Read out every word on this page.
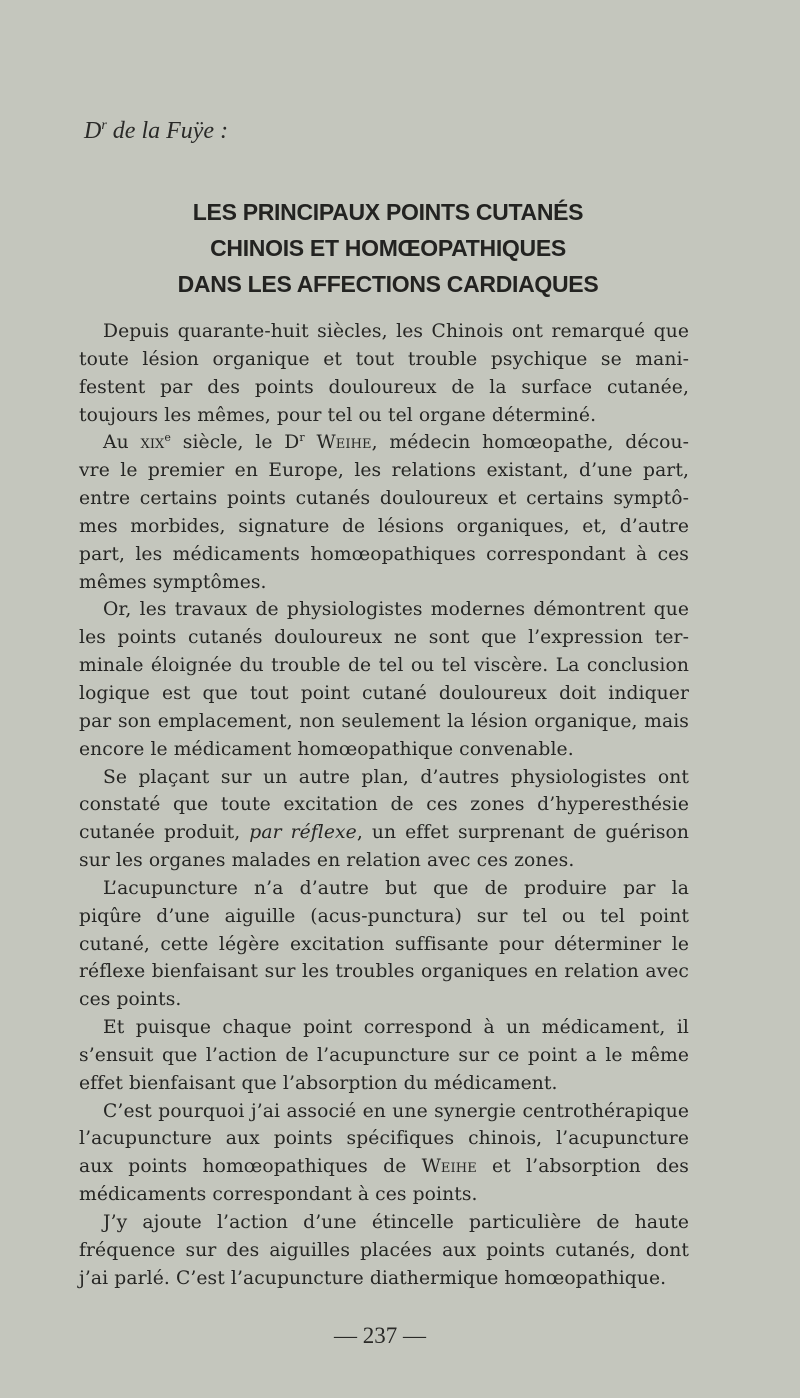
$D^r$ de la Fuÿe :
LES PRINCIPAUX POINTS CUTANÉS
CHINOIS ET HOMŒOPATHIQUES
DANS LES AFFECTIONS CARDIAQUES
Depuis quarante-huit siècles, les Chinois ont remarqué que
toute lésion organique et tout trouble psychique se mani-
festent par des points douloureux de la surface cutanée,
toujours les mêmes, pour tel ou tel organe déterminé.
Au xix$^e$ siècle, le $D^r$ Weihe, médecin homœopathe, décou-
vre le premier en Europe, les relations existant, d’une part,
entre certains points cutanés douloureux et certains symptô-
mes morbides, signature de lésions organiques, et, d’autre
part, les médicaments homœopathiques correspondant à ces
mêmes symptômes.
Or, les travaux de physiologistes modernes démontrent que
les points cutanés douloureux ne sont que l’expression ter-
minale éloignée du trouble de tel ou tel viscère. La conclusion
logique est que tout point cutané douloureux doit indiquer
par son emplacement, non seulement la lésion organique, mais
encore le médicament homœopathique convenable.
Se plaçant sur un autre plan, d’autres physiologistes ont
constaté que toute excitation de ces zones d’hyperesthésie
cutanée produit, par réflexe, un effet surprenant de guérison
sur les organes malades en relation avec ces zones.
L’acupuncture n’a d’autre but que de produire par la
piqûre d’une aiguille (acus-punctura) sur tel ou tel point
cutané, cette légère excitation suffisante pour déterminer le
réflexe bienfaisant sur les troubles organiques en relation avec
ces points.
Et puisque chaque point correspond à un médicament, il
s’ensuit que l’action de l’acupuncture sur ce point a le même
effet bienfaisant que l’absorption du médicament.
C’est pourquoi j’ai associé en une synergie centrothérapique
l’acupuncture aux points spécifiques chinois, l’acupuncture
aux points homœopathiques de Weihe et l’absorption des
médicaments correspondant à ces points.
J’y ajoute l’action d’une étincelle particulière de haute
fréquence sur des aiguilles placées aux points cutanés, dont
j’ai parlé. C’est l’acupuncture diathermique homœopathique.
— 237 —
